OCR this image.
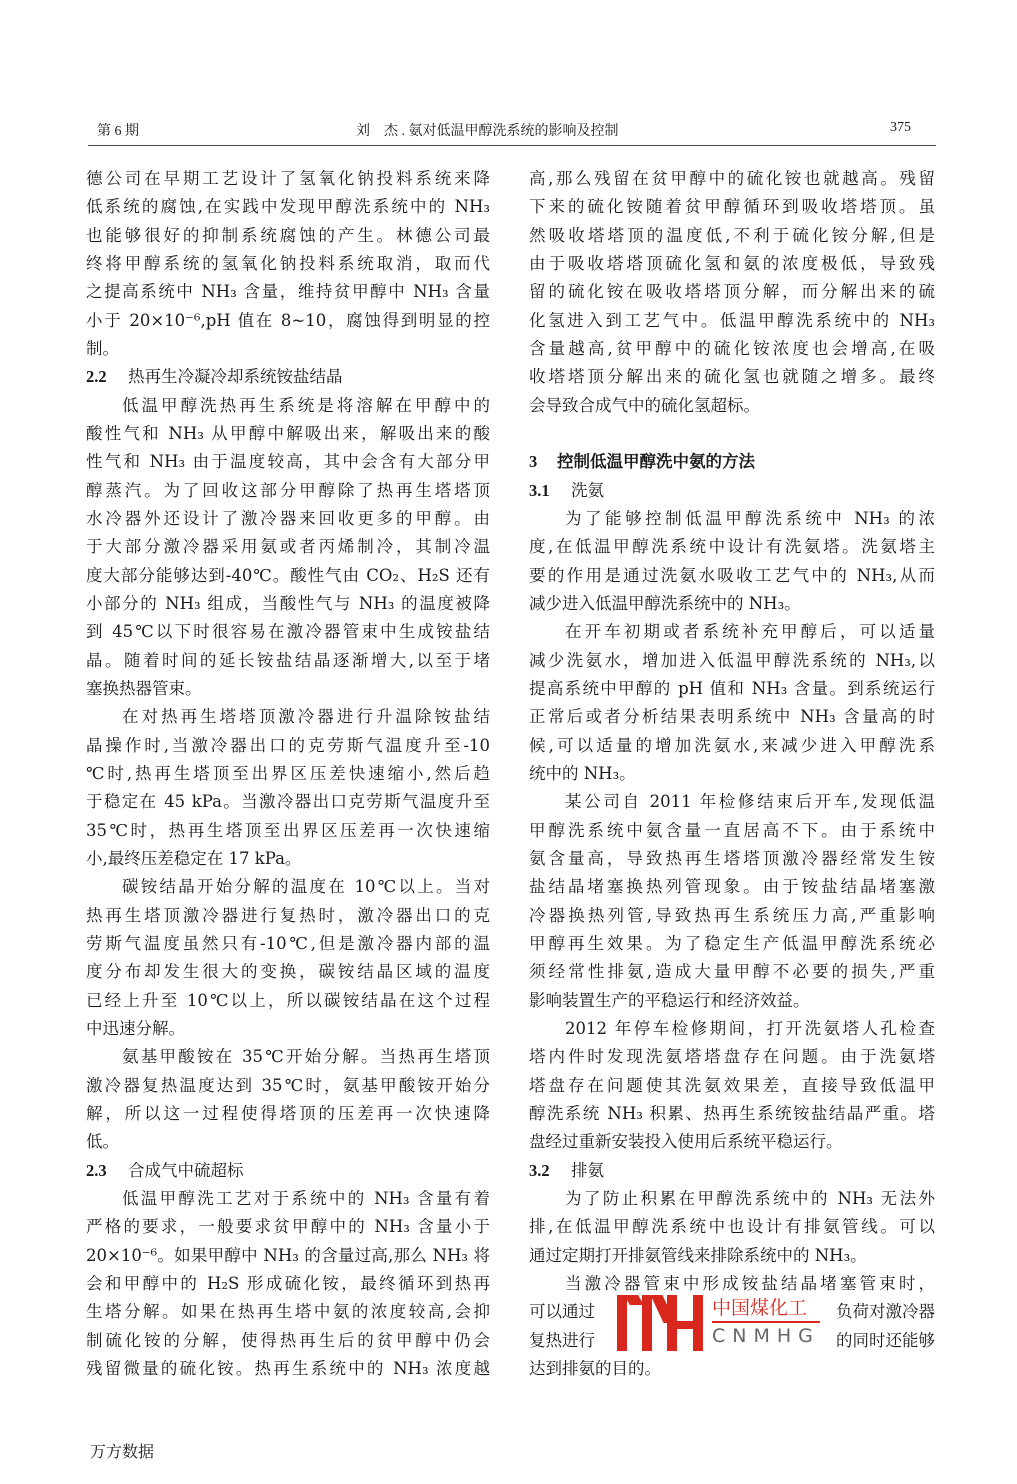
第 6 期	刘　杰 . 氨对低温甲醇洗系统的影响及控制	375
德公司在早期工艺设计了氢氧化钠投料系统来降
低系统的腐蚀,在实践中发现甲醇洗系统中的 NH₃
也能够很好的抑制系统腐蚀的产生。林德公司最
终将甲醇系统的氢氧化钠投料系统取消，取而代
之提高系统中 NH₃ 含量，维持贫甲醇中 NH₃ 含量
小于 20×10⁻⁶,pH 值在 8~10，腐蚀得到明显的控
制。
2.2 热再生冷凝冷却系统铵盐结晶
低温甲醇洗热再生系统是将溶解在甲醇中的
酸性气和 NH₃ 从甲醇中解吸出来，解吸出来的酸
性气和 NH₃ 由于温度较高，其中会含有大部分甲
醇蒸汽。为了回收这部分甲醇除了热再生塔塔顶
水冷器外还设计了激冷器来回收更多的甲醇。由
于大部分激冷器采用氨或者丙烯制冷，其制冷温
度大部分能够达到-40℃。酸性气由 CO₂、H₂S 还有
小部分的 NH₃ 组成，当酸性气与 NH₃ 的温度被降
到 45℃以下时很容易在激冷器管束中生成铵盐结
晶。随着时间的延长铵盐结晶逐渐增大,以至于堵
塞换热器管束。
在对热再生塔塔顶激冷器进行升温除铵盐结
晶操作时,当激冷器出口的克劳斯气温度升至-10
℃时,热再生塔顶至出界区压差快速缩小,然后趋
于稳定在 45 kPa。当激冷器出口克劳斯气温度升至
35℃时，热再生塔顶至出界区压差再一次快速缩
小,最终压差稳定在 17 kPa。
碳铵结晶开始分解的温度在 10℃以上。当对
热再生塔顶激冷器进行复热时，激冷器出口的克
劳斯气温度虽然只有-10℃,但是激冷器内部的温
度分布却发生很大的变换，碳铵结晶区域的温度
已经上升至 10℃以上，所以碳铵结晶在这个过程
中迅速分解。
氨基甲酸铵在 35℃开始分解。当热再生塔顶
激冷器复热温度达到 35℃时，氨基甲酸铵开始分
解，所以这一过程使得塔顶的压差再一次快速降
低。
2.3 合成气中硫超标
低温甲醇洗工艺对于系统中的 NH₃ 含量有着
严格的要求，一般要求贫甲醇中的 NH₃ 含量小于
20×10⁻⁶。如果甲醇中 NH₃ 的含量过高,那么 NH₃ 将
会和甲醇中的 H₂S 形成硫化铵，最终循环到热再
生塔分解。如果在热再生塔中氨的浓度较高,会抑
制硫化铵的分解，使得热再生后的贫甲醇中仍会
残留微量的硫化铵。热再生系统中的 NH₃ 浓度越
高,那么残留在贫甲醇中的硫化铵也就越高。残留
下来的硫化铵随着贫甲醇循环到吸收塔塔顶。虽
然吸收塔塔顶的温度低,不利于硫化铵分解,但是
由于吸收塔塔顶硫化氢和氨的浓度极低，导致残
留的硫化铵在吸收塔塔顶分解，而分解出来的硫
化氢进入到工艺气中。低温甲醇洗系统中的 NH₃
含量越高,贫甲醇中的硫化铵浓度也会增高,在吸
收塔塔顶分解出来的硫化氢也就随之增多。最终
会导致合成气中的硫化氢超标。
3 控制低温甲醇洗中氨的方法
3.1 洗氨
为了能够控制低温甲醇洗系统中 NH₃ 的浓
度,在低温甲醇洗系统中设计有洗氨塔。洗氨塔主
要的作用是通过洗氨水吸收工艺气中的 NH₃,从而
减少进入低温甲醇洗系统中的 NH₃。
在开车初期或者系统补充甲醇后，可以适量
减少洗氨水，增加进入低温甲醇洗系统的 NH₃,以
提高系统中甲醇的 pH 值和 NH₃ 含量。到系统运行
正常后或者分析结果表明系统中 NH₃ 含量高的时
候,可以适量的增加洗氨水,来减少进入甲醇洗系
统中的 NH₃。
某公司自 2011 年检修结束后开车,发现低温
甲醇洗系统中氨含量一直居高不下。由于系统中
氨含量高，导致热再生塔塔顶激冷器经常发生铵
盐结晶堵塞换热列管现象。由于铵盐结晶堵塞激
冷器换热列管,导致热再生系统压力高,严重影响
甲醇再生效果。为了稳定生产低温甲醇洗系统必
须经常性排氨,造成大量甲醇不必要的损失,严重
影响装置生产的平稳运行和经济效益。
2012 年停车检修期间，打开洗氨塔人孔检查
塔内件时发现洗氨塔塔盘存在问题。由于洗氨塔
塔盘存在问题使其洗氨效果差，直接导致低温甲
醇洗系统 NH₃ 积累、热再生系统铵盐结晶严重。塔
盘经过重新安装投入使用后系统平稳运行。
3.2 排氨
为了防止积累在甲醇洗系统中的 NH₃ 无法外
排,在低温甲醇洗系统中也设计有排氨管线。可以
通过定期打开排氨管线来排除系统中的 NH₃。
当激冷器管束中形成铵盐结晶堵塞管束时，
可以通过	负荷对激冷器
复热进行	的同时还能够
达到排氨的目的。
中国煤化工
CNMHG
万方数据
